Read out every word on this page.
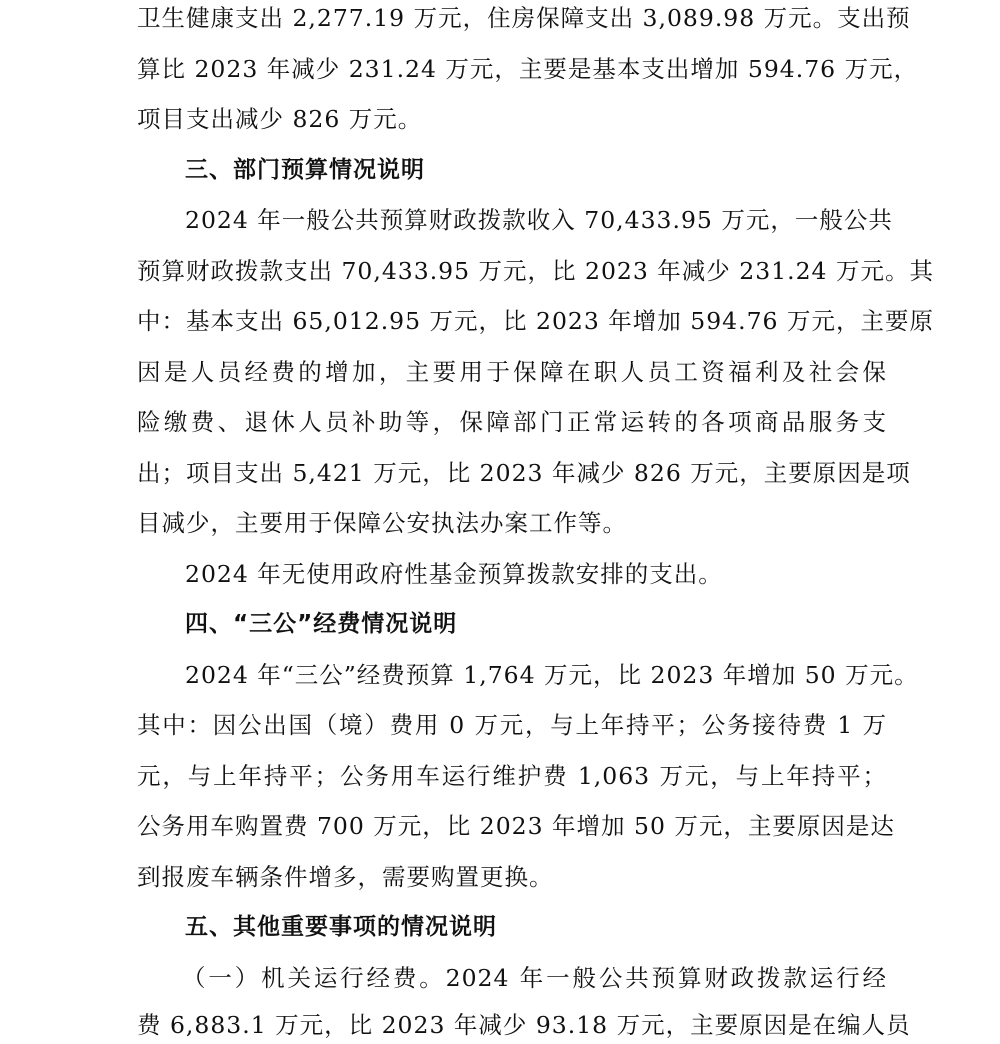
卫生健康支出 2,277.19 万元，住房保障支出 3,089.98 万元。支出预
算比 2023 年减少 231.24 万元，主要是基本支出增加 594.76 万元，
项目支出减少 826 万元。
三、部门预算情况说明
2024 年一般公共预算财政拨款收入 70,433.95 万元，一般公共
预算财政拨款支出 70,433.95 万元，比 2023 年减少 231.24 万元。其
中：基本支出 65,012.95 万元，比 2023 年增加 594.76 万元，主要原
因是人员经费的增加，主要用于保障在职人员工资福利及社会保
险缴费、退休人员补助等，保障部门正常运转的各项商品服务支
出；项目支出 5,421 万元，比 2023 年减少 826 万元，主要原因是项
目减少，主要用于保障公安执法办案工作等。
2024 年无使用政府性基金预算拨款安排的支出。
四、“三公”经费情况说明
2024 年“三公”经费预算 1,764 万元，比 2023 年增加 50 万元。
其中：因公出国（境）费用 0 万元，与上年持平；公务接待费 1 万
元，与上年持平；公务用车运行维护费 1,063 万元，与上年持平；
公务用车购置费 700 万元，比 2023 年增加 50 万元，主要原因是达
到报废车辆条件增多，需要购置更换。
五、其他重要事项的情况说明
（一）机关运行经费。2024 年一般公共预算财政拨款运行经
费 6,883.1 万元，比 2023 年减少 93.18 万元，主要原因是在编人员
